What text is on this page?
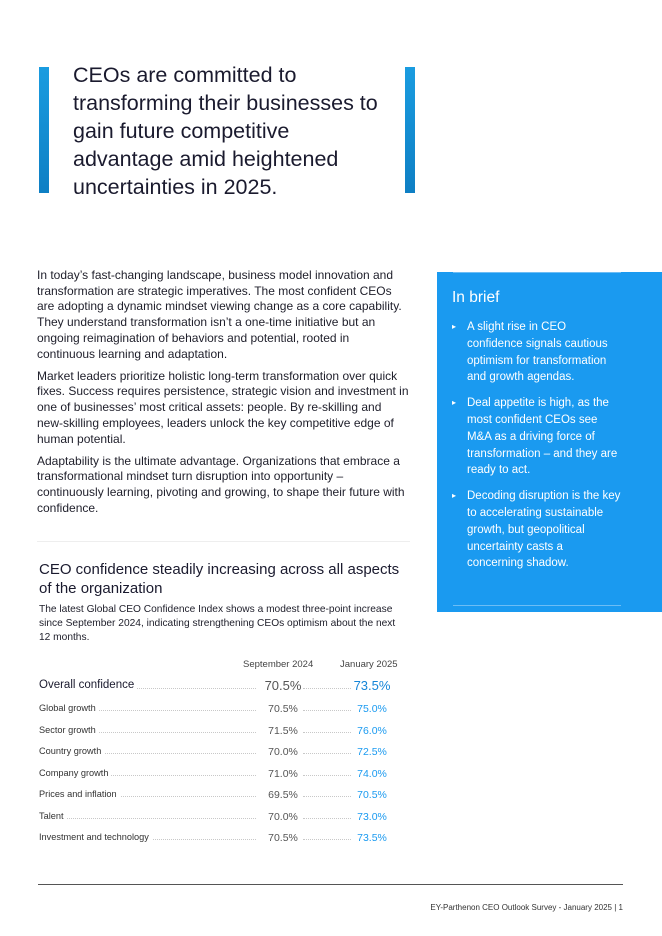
CEOs are committed to transforming their businesses to gain future competitive advantage amid heightened uncertainties in 2025.

In today’s fast-changing landscape, business model innovation and transformation are strategic imperatives. The most confident CEOs are adopting a dynamic mindset viewing change as a core capability. They understand transformation isn’t a one-time initiative but an ongoing reimagination of behaviors and potential, rooted in continuous learning and adaptation.

Market leaders prioritize holistic long-term transformation over quick fixes. Success requires persistence, strategic vision and investment in one of businesses’ most critical assets: people. By re-skilling and new-skilling employees, leaders unlock the key competitive edge of human potential.

Adaptability is the ultimate advantage. Organizations that embrace a transformational mindset turn disruption into opportunity – continuously learning, pivoting and growing, to shape their future with confidence.

In brief
▸ A slight rise in CEO confidence signals cautious optimism for transformation and growth agendas.
▸ Deal appetite is high, as the most confident CEOs see M&A as a driving force of transformation – and they are ready to act.
▸ Decoding disruption is the key to accelerating sustainable growth, but geopolitical uncertainty casts a concerning shadow.
CEO confidence steadily increasing across all aspects of the organization

The latest Global CEO Confidence Index shows a modest three-point increase since September 2024, indicating strengthening CEOs optimism about the next 12 months.

September 2024	January 2025
Overall confidence	70.5%	73.5%
Global growth	70.5%	75.0%
Sector growth	71.5%	76.0%
Country growth	70.0%	72.5%
Company growth	71.0%	74.0%
Prices and inflation	69.5%	70.5%
Talent	70.0%	73.0%
Investment and technology	70.5%	73.5%
EY-Parthenon CEO Outlook Survey - January 2025 | 1
